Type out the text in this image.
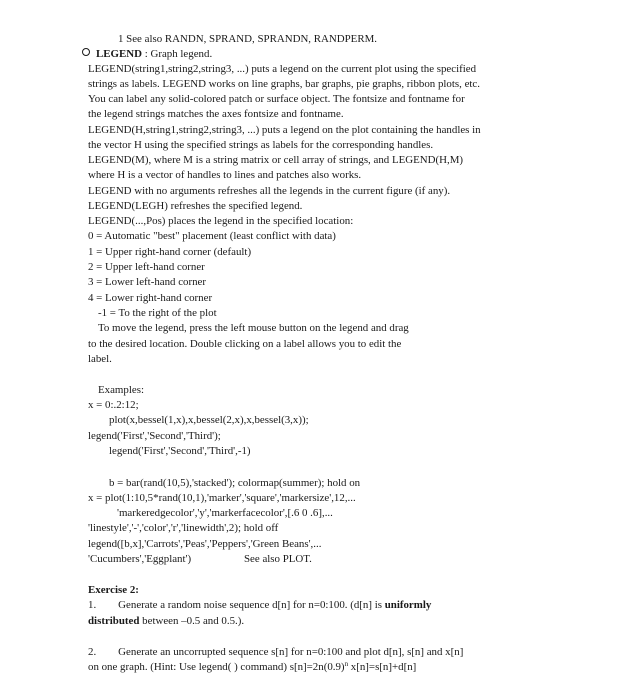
1 See also RANDN, SPRAND, SPRANDN, RANDPERM.
LEGEND : Graph legend.
LEGEND(string1,string2,string3, ...) puts a legend on the current plot using the specified
strings as labels. LEGEND works on line graphs, bar graphs, pie graphs, ribbon plots, etc.
You can label any solid-colored patch or surface object. The fontsize and fontname for
the legend strings matches the axes fontsize and fontname.
LEGEND(H,string1,string2,string3, ...) puts a legend on the plot containing the handles in
the vector H using the specified strings as labels for the corresponding handles.
LEGEND(M), where M is a string matrix or cell array of strings, and LEGEND(H,M)
where H is a vector of handles to lines and patches also works.
LEGEND with no arguments refreshes all the legends in the current figure (if any).
LEGEND(LEGH) refreshes the specified legend.
LEGEND(...,Pos) places the legend in the specified location:
0 = Automatic "best" placement (least conflict with data)
1 = Upper right-hand corner (default)
2 = Upper left-hand corner
3 = Lower left-hand corner
4 = Lower right-hand corner
-1 = To the right of the plot
To move the legend, press the left mouse button on the legend and drag
to the desired location. Double clicking on a label allows you to edit the
label.
Examples:
x = 0:.2:12;
plot(x,bessel(1,x),x,bessel(2,x),x,bessel(3,x));
legend('First','Second','Third');
legend('First','Second','Third',-1)
b = bar(rand(10,5),'stacked'); colormap(summer); hold on
x = plot(1:10,5*rand(10,1),'marker','square','markersize',12,...
'markeredgecolor','y','markerfacecolor',[.6 0 .6],...
'linestyle','-','color','r','linewidth',2); hold off
legend([b,x],'Carrots','Peas','Peppers','Green Beans',...
'Cucumbers','Eggplant')	See also PLOT.
Exercise 2:
1. Generate a random noise sequence d[n] for n=0:100. (d[n] is uniformly
distributed between –0.5 and 0.5.).
2. Generate an uncorrupted sequence s[n] for n=0:100 and plot d[n], s[n] and x[n]
on one graph. (Hint: Use legend( ) command) $s[n]=2n(0.9)^n$ x[n]=s[n]+d[n]
